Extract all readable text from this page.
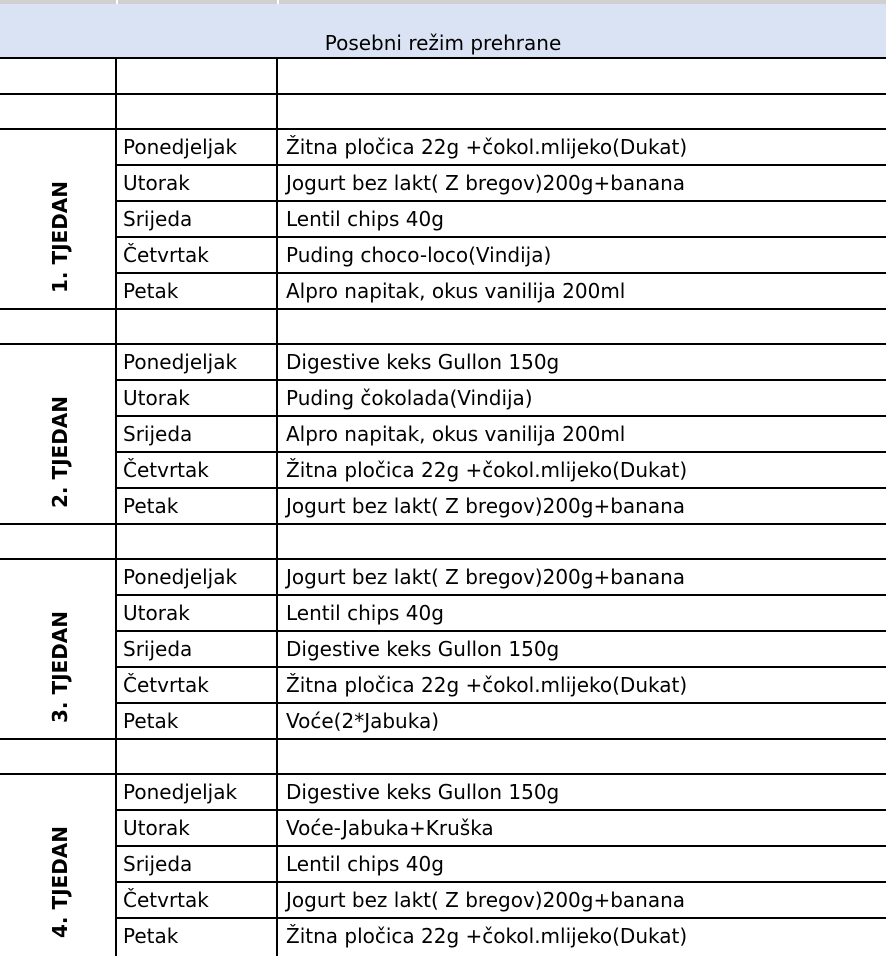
Posebni režim prehrane
Ponedjeljak Žitna pločica 22g +čokol.mlijeko(Dukat)
Utorak	Jogurt bez lakt( Z bregov)200g+banana
Srijeda	Lentil chips 40g
Četvrtak	Puding choco-loco(Vindija)
Petak	Alpro napitak, okus vanilija 200ml
1. TJEDAN
Ponedjeljak Digestive keks Gullon 150g
Utorak	Puding čokolada(Vindija)
Srijeda	Alpro napitak, okus vanilija 200ml
Četvrtak	Žitna pločica 22g +čokol.mlijeko(Dukat)
Petak	Jogurt bez lakt( Z bregov)200g+banana
2. TJEDAN
Ponedjeljak Jogurt bez lakt( Z bregov)200g+banana
Utorak	Lentil chips 40g
Srijeda	Digestive keks Gullon 150g
Četvrtak	Žitna pločica 22g +čokol.mlijeko(Dukat)
Petak	Voće(2*Jabuka)
3. TJEDAN
Ponedjeljak Digestive keks Gullon 150g
Utorak	Voće-Jabuka+Kruška
Srijeda	Lentil chips 40g
Četvrtak	Jogurt bez lakt( Z bregov)200g+banana
Petak	Žitna pločica 22g +čokol.mlijeko(Dukat)
4. TJEDAN
